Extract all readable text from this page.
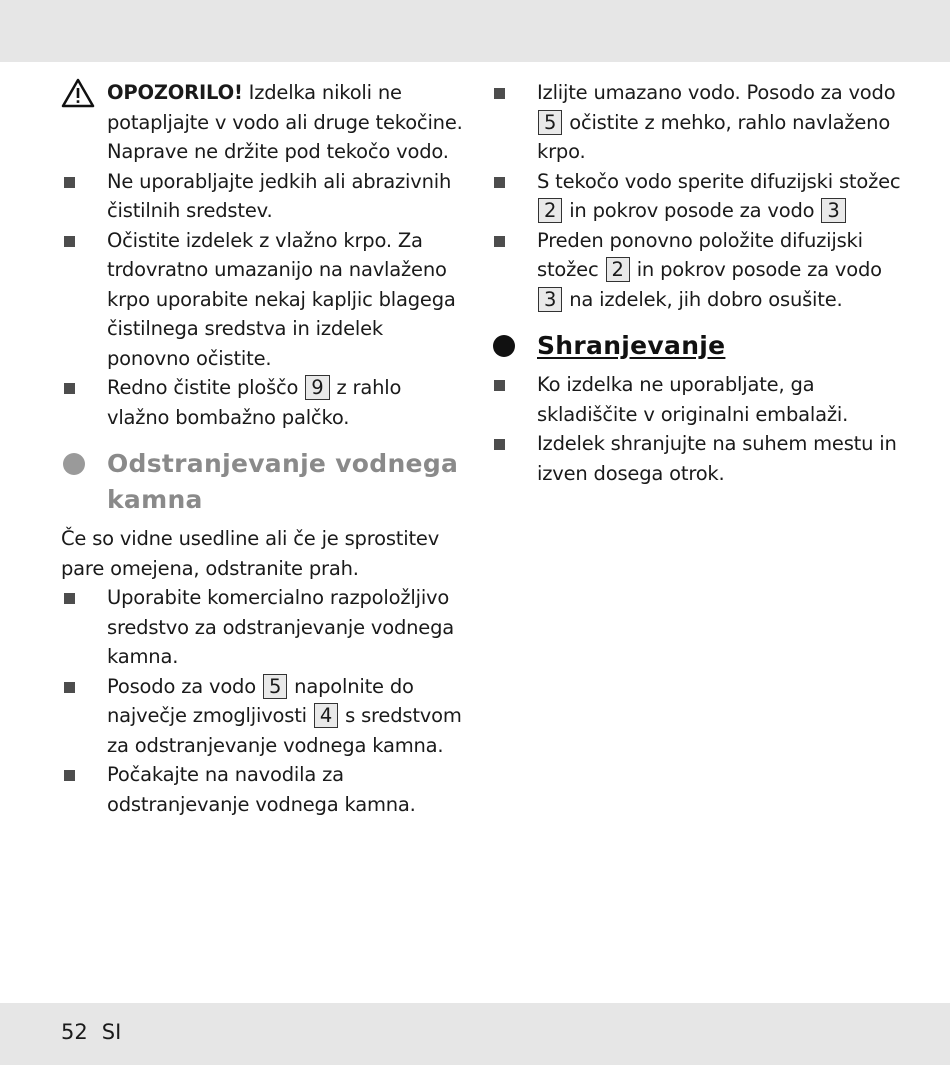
OPOZORILO! Izdelka nikoli ne potapljajte v vodo ali druge tekočine. Naprave ne držite pod tekočo vodo.
Ne uporabljajte jedkih ali abrazivnih čistilnih sredstev.
Očistite izdelek z vlažno krpo. Za trdovratno umazanijo na navlaženo krpo uporabite nekaj kapljic blagega čistilnega sredstva in izdelek ponovno očistite.
Redno čistite ploščo 9 z rahlo vlažno bombažno palčko.
Odstranjevanje vodnega kamna
Če so vidne usedline ali če je sprostitev pare omejena, odstranite prah.
Uporabite komercialno razpoložljivo sredstvo za odstranjevanje vodnega kamna.
Posodo za vodo 5 napolnite do največje zmogljivosti 4 s sredstvom za odstranjevanje vodnega kamna.
Počakajte na navodila za odstranjevanje vodnega kamna.
Izlijte umazano vodo. Posodo za vodo 5 očistite z mehko, rahlo navlaženo krpo.
S tekočo vodo sperite difuzijski stožec 2 in pokrov posode za vodo 3
Preden ponovno položite difuzijski stožec 2 in pokrov posode za vodo 3 na izdelek, jih dobro osušite.
Shranjevanje
Ko izdelka ne uporabljate, ga skladiščite v originalni embalaži.
Izdelek shranjujte na suhem mestu in izven dosega otrok.
52 SI
